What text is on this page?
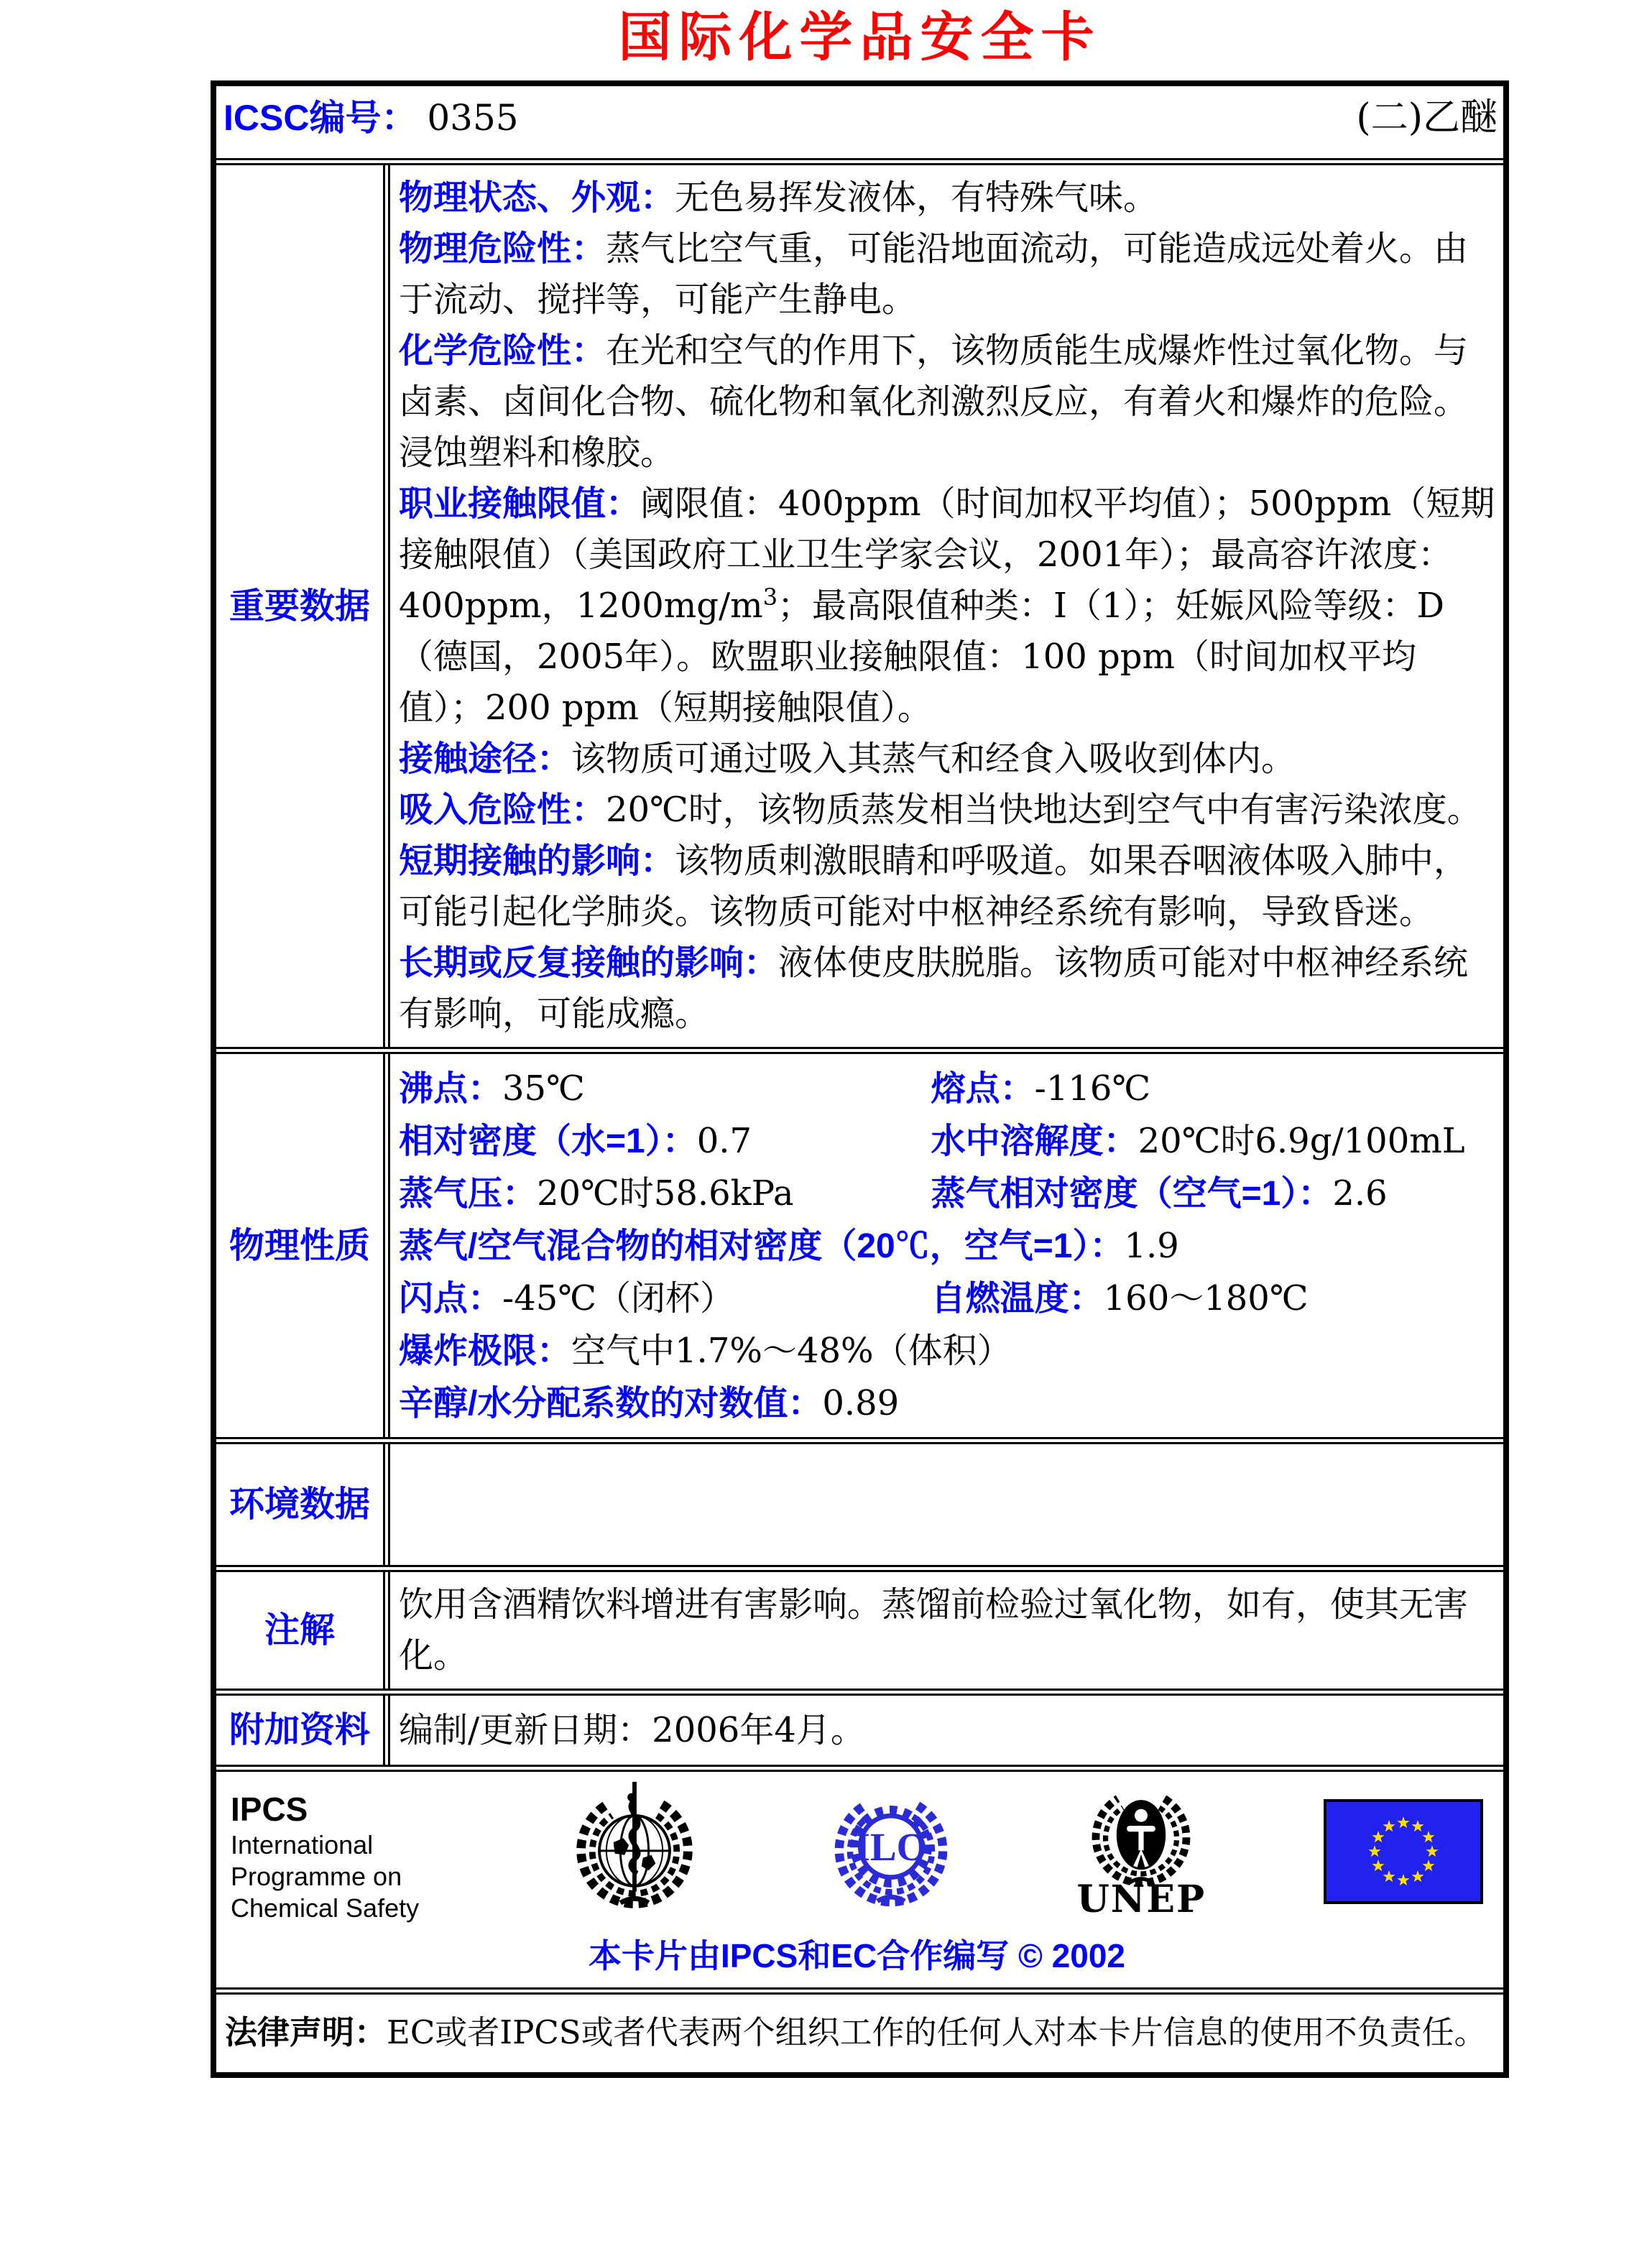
国际化学品安全卡
ICSC编号： 0355	(二)乙醚
重要数据

物理状态、外观：无色易挥发液体，有特殊气味。

物理危险性：蒸气比空气重，可能沿地面流动，可能造成远处着火。由于流动、搅拌等，可能产生静电。

化学危险性：在光和空气的作用下，该物质能生成爆炸性过氧化物。与卤素、卤间化合物、硫化物和氧化剂激烈反应，有着火和爆炸的危险。浸蚀塑料和橡胶。

职业接触限值：阈限值：400ppm（时间加权平均值）；500ppm（短期接触限值）（美国政府工业卫生学家会议，2001年）；最高容许浓度：400ppm，$1200mg/m^3$；最高限值种类：I（1）；妊娠风险等级：D（德国，2005年）。欧盟职业接触限值：100 ppm（时间加权平均值）；200 ppm（短期接触限值）。

接触途径：该物质可通过吸入其蒸气和经食入吸收到体内。

吸入危险性：20℃时，该物质蒸发相当快地达到空气中有害污染浓度。

短期接触的影响：该物质刺激眼睛和呼吸道。如果吞咽液体吸入肺中，可能引起化学肺炎。该物质可能对中枢神经系统有影响，导致昏迷。

长期或反复接触的影响：液体使皮肤脱脂。该物质可能对中枢神经系统有影响，可能成瘾。

物理性质
沸点：35℃	熔点：-116℃
相对密度（水=1）：0.7	水中溶解度：20℃时6.9g/100mL
蒸气压：20℃时58.6kPa	蒸气相对密度（空气=1）：2.6
蒸气/空气混合物的相对密度（20℃，空气=1）：1.9
闪点：-45℃（闭杯）	自燃温度：160～180℃
爆炸极限：空气中1.7%～48%（体积）
辛醇/水分配系数的对数值：0.89
环境数据
注解
饮用含酒精饮料增进有害影响。蒸馏前检验过氧化物，如有，使其无害化。
附加资料 编制/更新日期：2006年4月。
IPCS
International
Programme on
Chemical Safety
ILO
UNEP
本卡片由IPCS和EC合作编写 © 2002
法律声明：EC或者IPCS或者代表两个组织工作的任何人对本卡片信息的使用不负责任。
